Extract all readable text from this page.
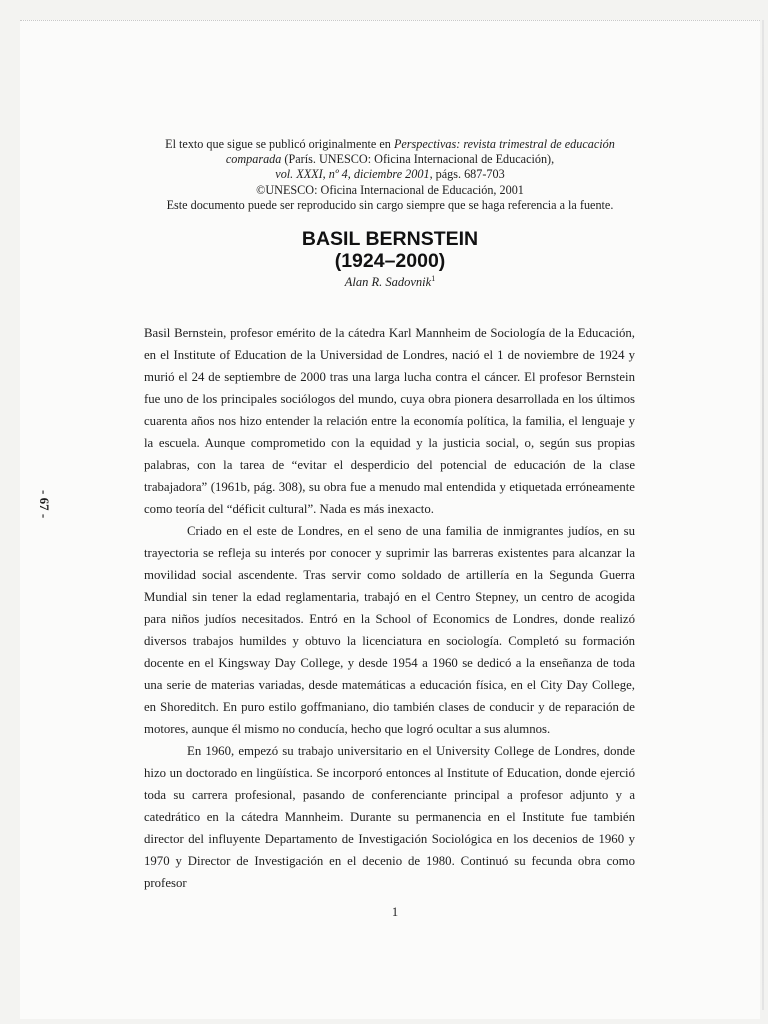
El texto que sigue se publicó originalmente en Perspectivas: revista trimestral de educación
comparada (París. UNESCO: Oficina Internacional de Educación),
vol. XXXI, nº 4, diciembre 2001, págs. 687-703
©UNESCO: Oficina Internacional de Educación, 2001
Este documento puede ser reproducido sin cargo siempre que se haga referencia a la fuente.
BASIL BERNSTEIN
(1924–2000)
Alan R. Sadovnik$^1$

Basil Bernstein, profesor emérito de la cátedra Karl Mannheim de Sociología de la Educación, en el Institute of Education de la Universidad de Londres, nació el 1 de noviembre de 1924 y murió el 24 de septiembre de 2000 tras una larga lucha contra el cáncer. El profesor Bernstein fue uno de los principales sociólogos del mundo, cuya obra pionera desarrollada en los últimos cuarenta años nos hizo entender la relación entre la economía política, la familia, el lenguaje y la escuela. Aunque comprometido con la equidad y la justicia social, o, según sus propias palabras, con la tarea de “evitar el desperdicio del potencial de educación de la clase trabajadora” (1961b, pág. 308), su obra fue a menudo mal entendida y etiquetada erróneamente como teoría del “déficit cultural”. Nada es más inexacto.

Criado en el este de Londres, en el seno de una familia de inmigrantes judíos, en su trayectoria se refleja su interés por conocer y suprimir las barreras existentes para alcanzar la movilidad social ascendente. Tras servir como soldado de artillería en la Segunda Guerra Mundial sin tener la edad reglamentaria, trabajó en el Centro Stepney, un centro de acogida para niños judíos necesitados. Entró en la School of Economics de Londres, donde realizó diversos trabajos humildes y obtuvo la licenciatura en sociología. Completó su formación docente en el Kingsway Day College, y desde 1954 a 1960 se dedicó a la enseñanza de toda una serie de materias variadas, desde matemáticas a educación física, en el City Day College, en Shoreditch. En puro estilo goffmaniano, dio también clases de conducir y de reparación de motores, aunque él mismo no conducía, hecho que logró ocultar a sus alumnos.

En 1960, empezó su trabajo universitario en el University College de Londres, donde hizo un doctorado en lingüística. Se incorporó entonces al Institute of Education, donde ejerció toda su carrera profesional, pasando de conferenciante principal a profesor adjunto y a catedrático en la cátedra Mannheim. Durante su permanencia en el Institute fue también director del influyente Departamento de Investigación Sociológica en los decenios de 1960 y 1970 y Director de Investigación en el decenio de 1980. Continuó su fecunda obra como profesor

- 67 -
1
